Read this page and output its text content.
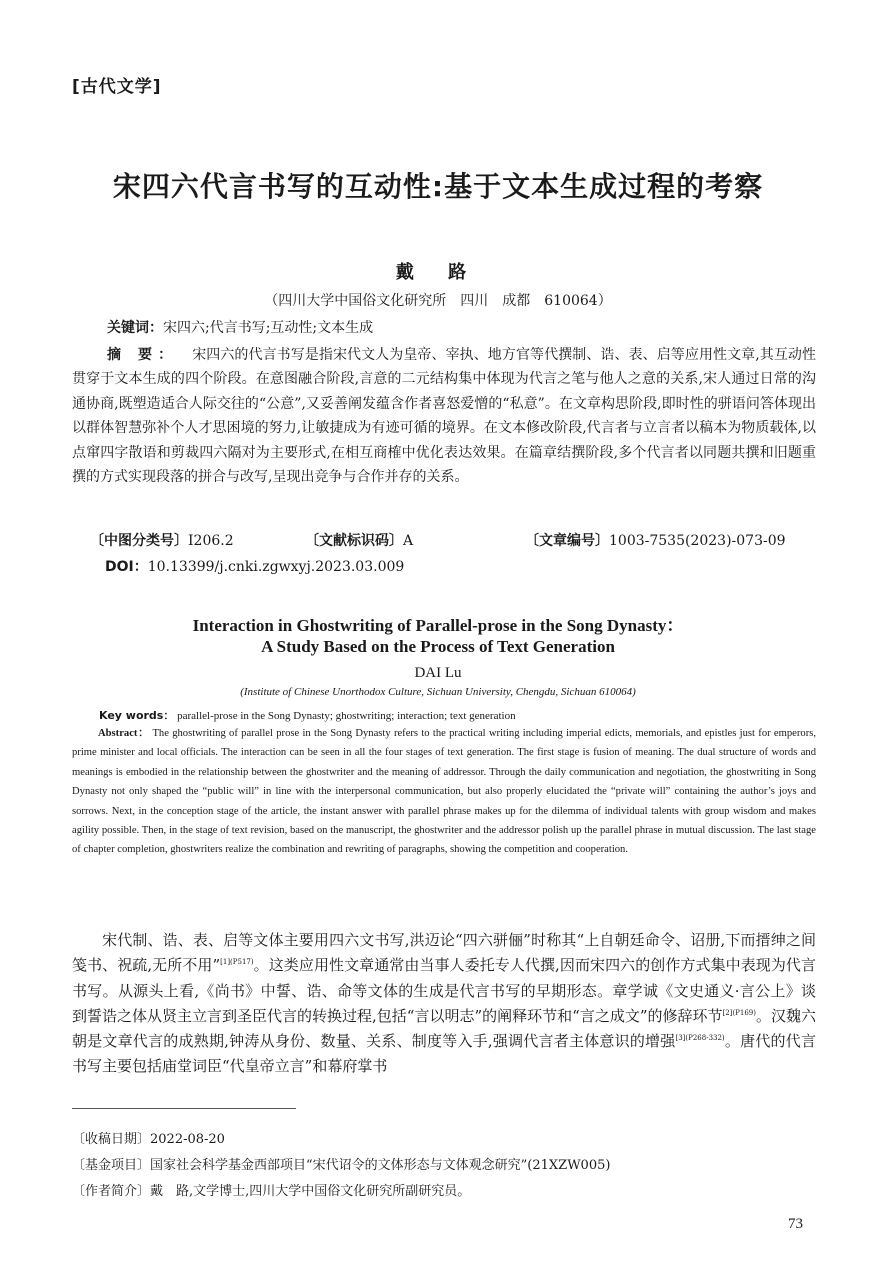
[古代文学]
宋四六代言书写的互动性:基于文本生成过程的考察
戴 路
（四川大学中国俗文化研究所　四川　成都　610064）
关键词：宋四六;代言书写;互动性;文本生成
摘 要： 宋四六的代言书写是指宋代文人为皇帝、宰执、地方官等代撰制、诰、表、启等应用性文章,其互动性贯穿于文本生成的四个阶段。在意图融合阶段,言意的二元结构集中体现为代言之笔与他人之意的关系,宋人通过日常的沟通协商,既塑造适合人际交往的“公意”,又妥善阐发蕴含作者喜怒爱憎的“私意”。在文章构思阶段,即时性的骈语问答体现出以群体智慧弥补个人才思困境的努力,让敏捷成为有迹可循的境界。在文本修改阶段,代言者与立言者以稿本为物质载体,以点窜四字散语和剪裁四六隔对为主要形式,在相互商榷中优化表达效果。在篇章结撰阶段,多个代言者以同题共撰和旧题重撰的方式实现段落的拼合与改写,呈现出竞争与合作并存的关系。
〔中图分类号〕I206.2	〔文献标识码〕A	〔文章编号〕1003-7535(2023)-073-09
DOI：10.13399/j.cnki.zgwxyj.2023.03.009
Interaction in Ghostwriting of Parallel-prose in the Song Dynasty：
A Study Based on the Process of Text Generation
DAI Lu
(Institute of Chinese Unorthodox Culture, Sichuan University, Chengdu, Sichuan 610064)
Key words： parallel-prose in the Song Dynasty; ghostwriting; interaction; text generation
Abstract： The ghostwriting of parallel prose in the Song Dynasty refers to the practical writing including imperial edicts, memorials, and epistles just for emperors, prime minister and local officials. The interaction can be seen in all the four stages of text generation. The first stage is fusion of meaning. The dual structure of words and meanings is embodied in the relationship between the ghostwriter and the meaning of addressor. Through the daily communication and negotiation, the ghostwriting in Song Dynasty not only shaped the “public will” in line with the interpersonal communication, but also properly elucidated the “private will” containing the author’s joys and sorrows. Next, in the conception stage of the article, the instant answer with parallel phrase makes up for the dilemma of individual talents with group wisdom and makes agility possible. Then, in the stage of text revision, based on the manuscript, the ghostwriter and the addressor polish up the parallel phrase in mutual discussion. The last stage of chapter completion, ghostwriters realize the combination and rewriting of paragraphs, showing the competition and cooperation.
宋代制、诰、表、启等文体主要用四六文书写,洪迈论“四六骈俪”时称其“上自朝廷命令、诏册,下而搢绅之间笺书、祝疏,无所不用”$^{[1](P517)}$。这类应用性文章通常由当事人委托专人代撰,因而宋四六的创作方式集中表现为代言书写。从源头上看,《尚书》中誓、诰、命等文体的生成是代言书写的早期形态。章学诚《文史通义·言公上》谈到誓诰之体从贤主立言到圣臣代言的转换过程,包括“言以明志”的阐释环节和“言之成文”的修辞环节$^{[2](P169)}$。汉魏六朝是文章代言的成熟期,钟涛从身份、数量、关系、制度等入手,强调代言者主体意识的增强$^{[3](P268-332)}$。唐代的代言书写主要包括庙堂词臣“代皇帝立言”和幕府掌书
〔收稿日期〕2022-08-20
〔基金项目〕国家社会科学基金西部项目“宋代诏令的文体形态与文体观念研究”(21XZW005)
〔作者简介〕戴　路,文学博士,四川大学中国俗文化研究所副研究员。
73
